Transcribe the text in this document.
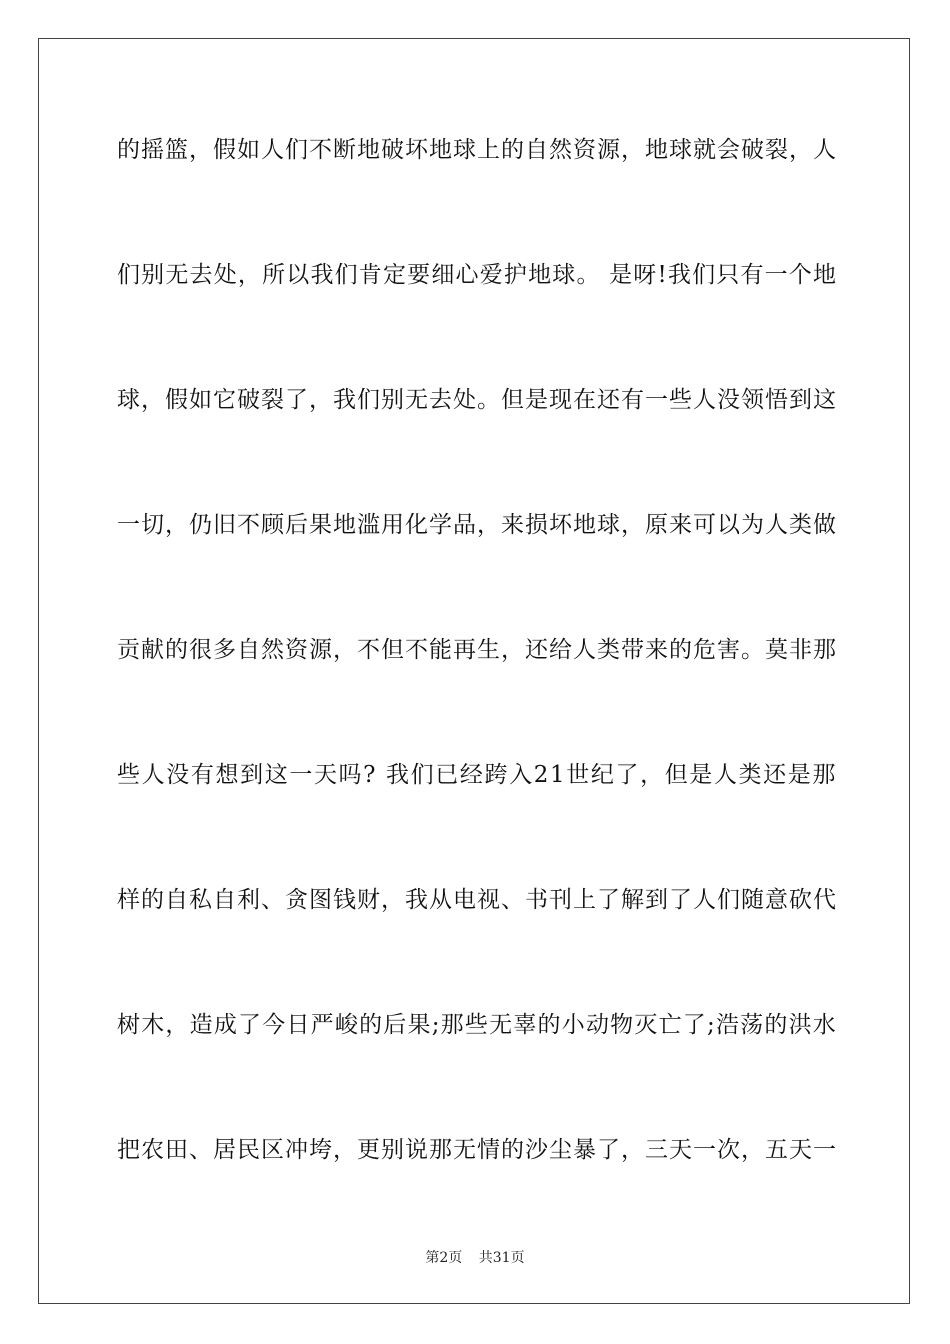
的摇篮，假如人们不断地破坏地球上的自然资源，地球就会破裂，人
们别无去处，所以我们肯定要细心爱护地球。 是呀!我们只有一个地
球，假如它破裂了，我们别无去处。但是现在还有一些人没领悟到这
一切，仍旧不顾后果地滥用化学品，来损坏地球，原来可以为人类做
贡献的很多自然资源，不但不能再生，还给人类带来的危害。莫非那
些人没有想到这一天吗? 我们已经跨入21世纪了，但是人类还是那
样的自私自利、贪图钱财，我从电视、书刊上了解到了人们随意砍代
树木，造成了今日严峻的后果;那些无辜的小动物灭亡了;浩荡的洪水
把农田、居民区冲垮，更别说那无情的沙尘暴了，三天一次，五天一
第2页 共31页
